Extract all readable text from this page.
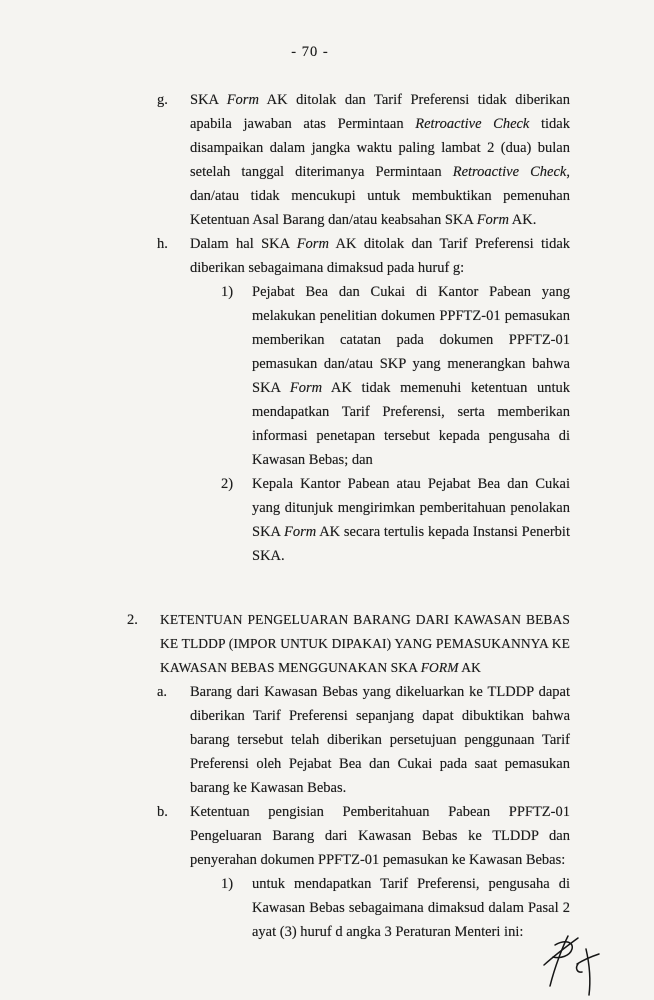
- 70 -
g.	SKA Form AK ditolak dan Tarif Preferensi tidak diberikan apabila jawaban atas Permintaan Retroactive Check tidak disampaikan dalam jangka waktu paling lambat 2 (dua) bulan setelah tanggal diterimanya Permintaan Retroactive Check, dan/atau tidak mencukupi untuk membuktikan pemenuhan Ketentuan Asal Barang dan/atau keabsahan SKA Form AK.
h.	Dalam hal SKA Form AK ditolak dan Tarif Preferensi tidak diberikan sebagaimana dimaksud pada huruf g:
1)	Pejabat Bea dan Cukai di Kantor Pabean yang melakukan penelitian dokumen PPFTZ-01 pemasukan memberikan catatan pada dokumen PPFTZ-01 pemasukan dan/atau SKP yang menerangkan bahwa SKA Form AK tidak memenuhi ketentuan untuk mendapatkan Tarif Preferensi, serta memberikan informasi penetapan tersebut kepada pengusaha di Kawasan Bebas; dan
2)	Kepala Kantor Pabean atau Pejabat Bea dan Cukai yang ditunjuk mengirimkan pemberitahuan penolakan SKA Form AK secara tertulis kepada Instansi Penerbit SKA.
2.	KETENTUAN PENGELUARAN BARANG DARI KAWASAN BEBAS KE TLDDP (IMPOR UNTUK DIPAKAI) YANG PEMASUKANNYA KE KAWASAN BEBAS MENGGUNAKAN SKA FORM AK
a.	Barang dari Kawasan Bebas yang dikeluarkan ke TLDDP dapat diberikan Tarif Preferensi sepanjang dapat dibuktikan bahwa barang tersebut telah diberikan persetujuan penggunaan Tarif Preferensi oleh Pejabat Bea dan Cukai pada saat pemasukan barang ke Kawasan Bebas.
b.	Ketentuan pengisian Pemberitahuan Pabean PPFTZ-01 Pengeluaran Barang dari Kawasan Bebas ke TLDDP dan penyerahan dokumen PPFTZ-01 pemasukan ke Kawasan Bebas:
1)	untuk mendapatkan Tarif Preferensi, pengusaha di Kawasan Bebas sebagaimana dimaksud dalam Pasal 2 ayat (3) huruf d angka 3 Peraturan Menteri ini:
